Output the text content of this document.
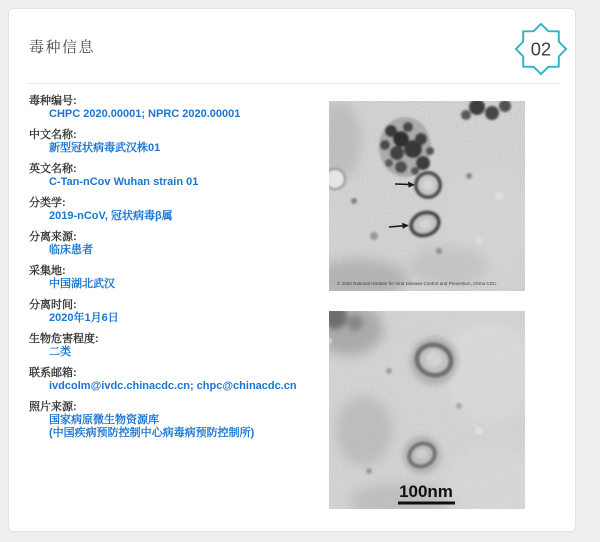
毒种信息	02
毒种编号:
CHPC 2020.00001; NPRC 2020.00001
中文名称:
新型冠状病毒武汉株01
英文名称:
C-Tan-nCov Wuhan strain 01
分类学:
2019-nCoV, 冠状病毒β属
分离来源:
临床患者
采集地:
中国湖北武汉
分离时间:
2020年1月6日
生物危害程度:
二类
联系邮箱:
ivdcolm@ivdc.chinacdc.cn; chpc@chinacdc.cn
照片来源:
国家病原微生物资源库
(中国疾病预防控制中心病毒病预防控制所)
© 2020 National Institute for Viral Disease Control and Prevention, China CDC.
100nm
